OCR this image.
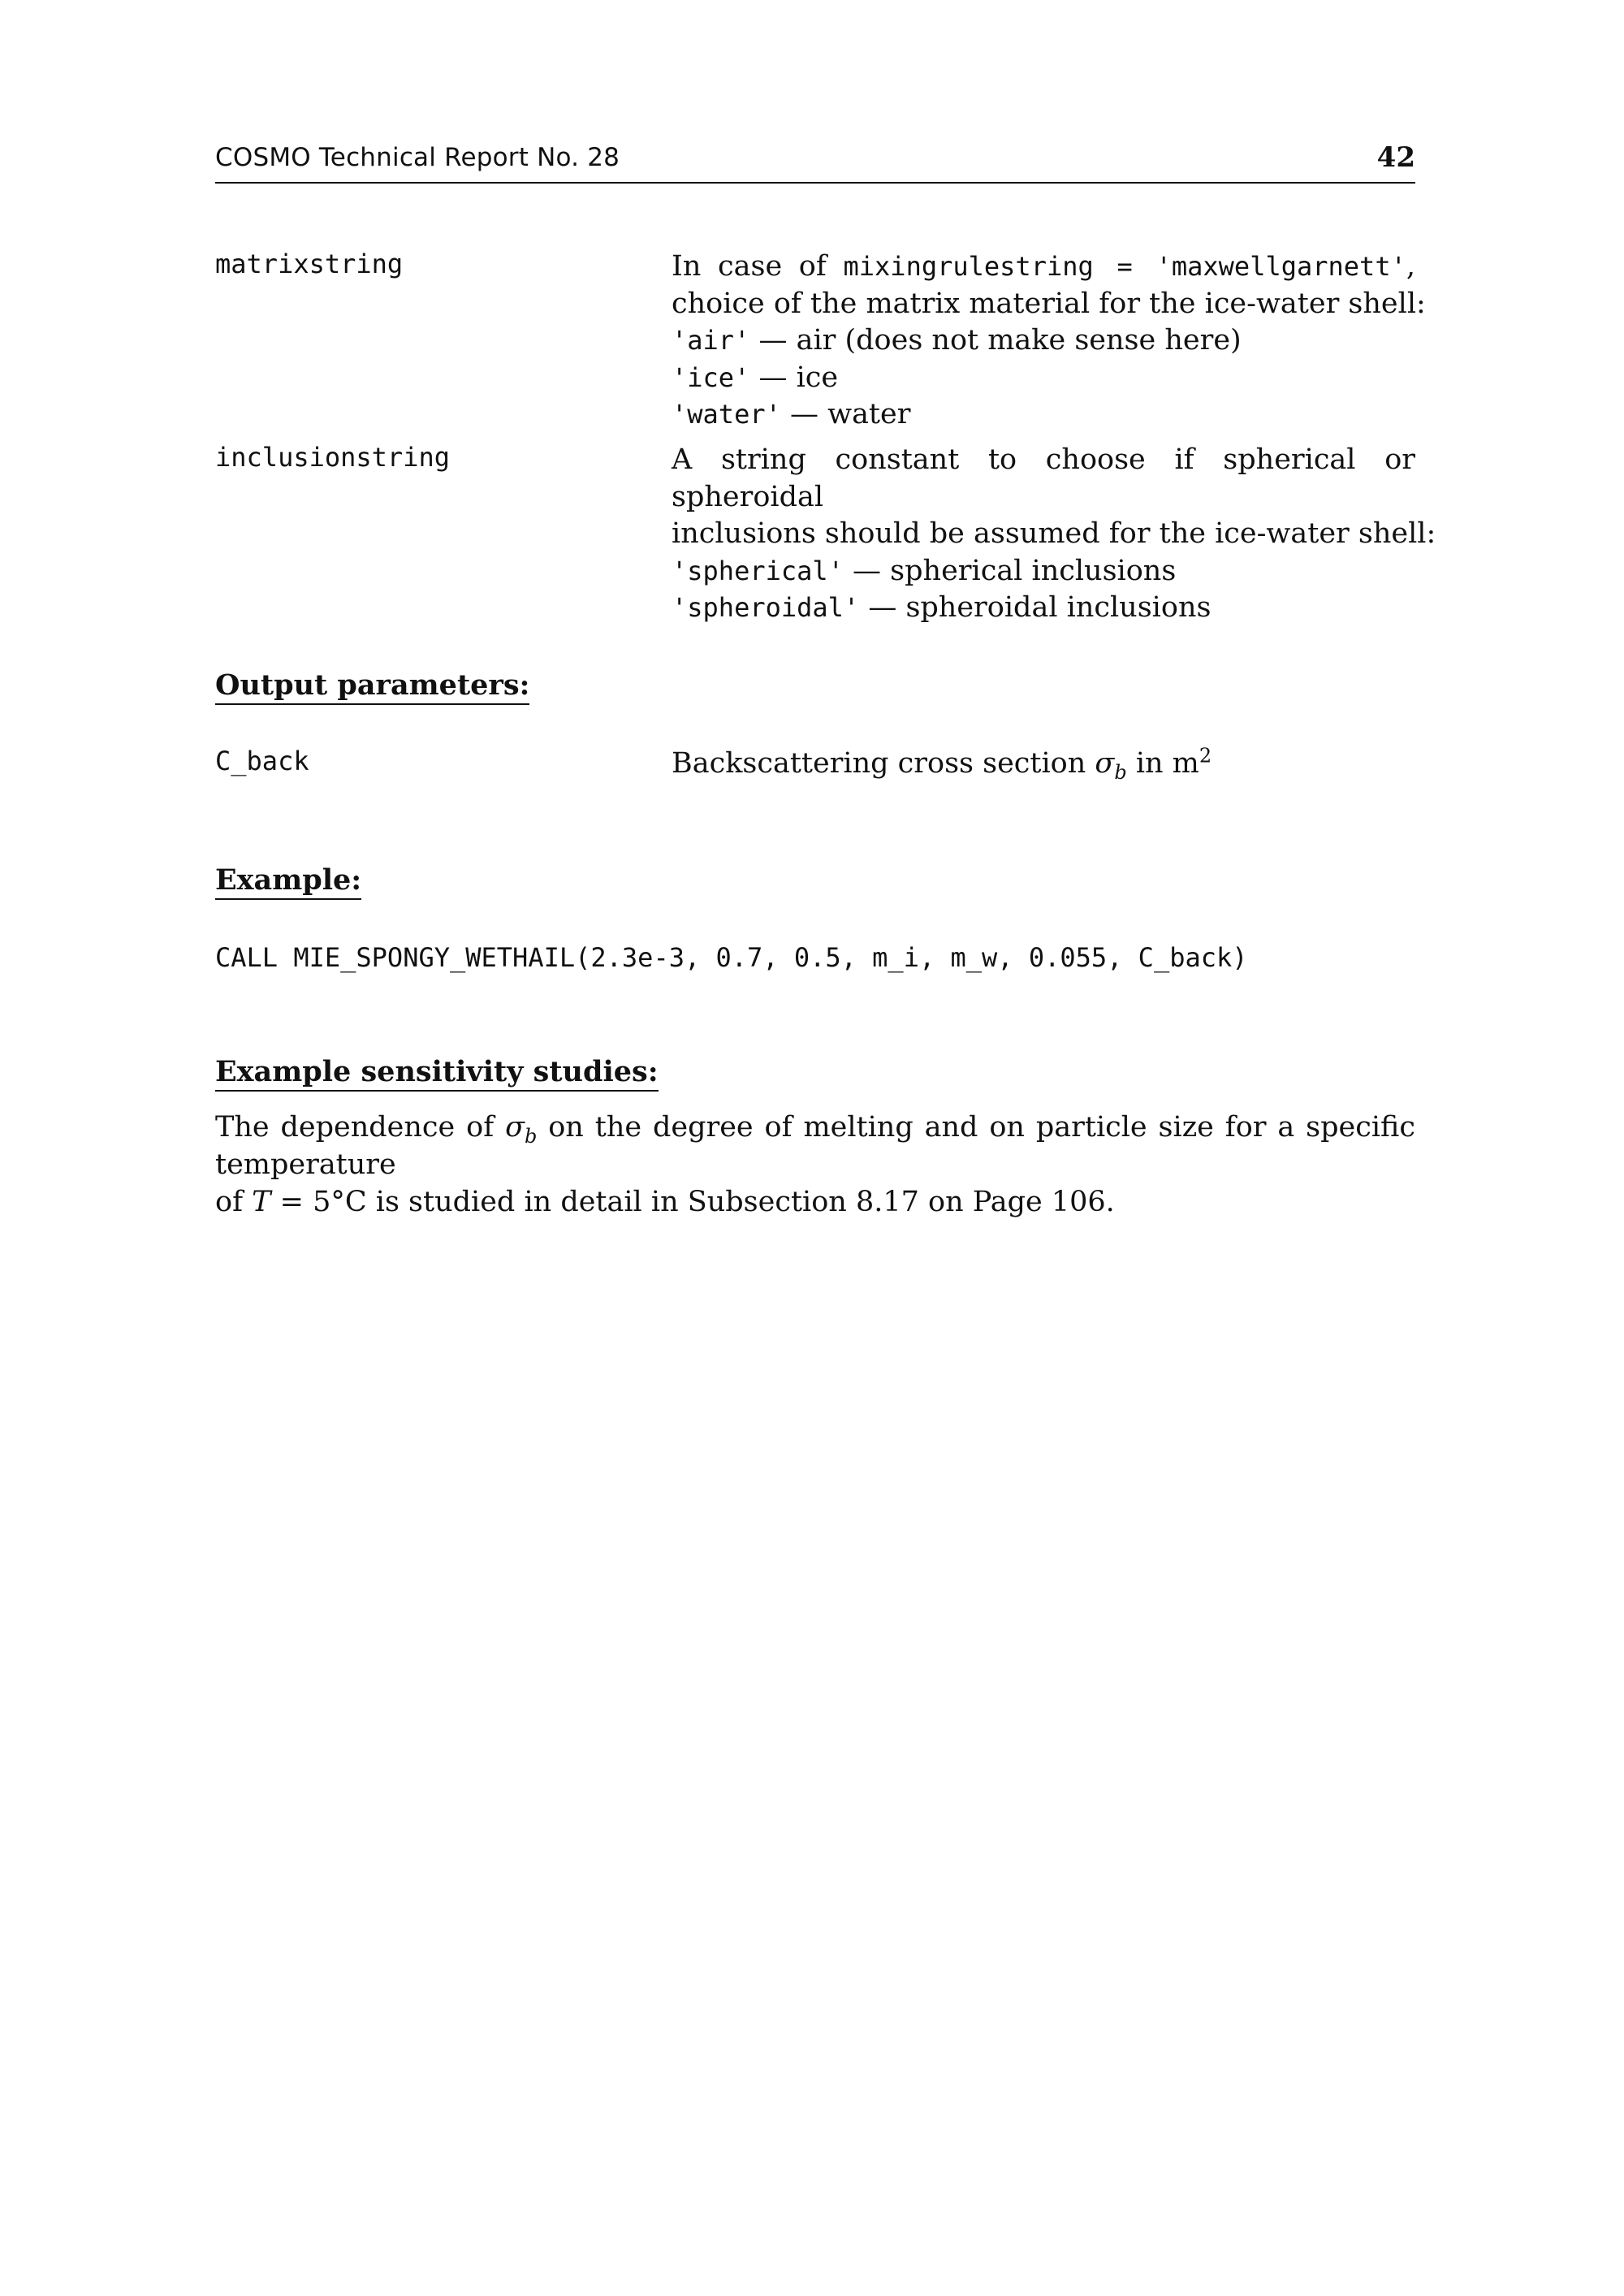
COSMO Technical Report No. 28	42
matrixstring	In case of mixingrulestring = 'maxwellgarnett',
choice of the matrix material for the ice-water shell:
'air' — air (does not make sense here)
'ice' — ice
'water' — water
inclusionstring	A string constant to choose if spherical or spheroidal
inclusions should be assumed for the ice-water shell:
'spherical' — spherical inclusions
'spheroidal' — spheroidal inclusions
Output parameters:
C_back	Backscattering cross section $\sigma_b$ in $m^2$
Example:
CALL MIE_SPONGY_WETHAIL(2.3e-3, 0.7, 0.5, m_i, m_w, 0.055, C_back)
Example sensitivity studies:
The dependence of $\sigma_b$ on the degree of melting and on particle size for a specific temperature
of T = 5°C is studied in detail in Subsection 8.17 on Page 106.
